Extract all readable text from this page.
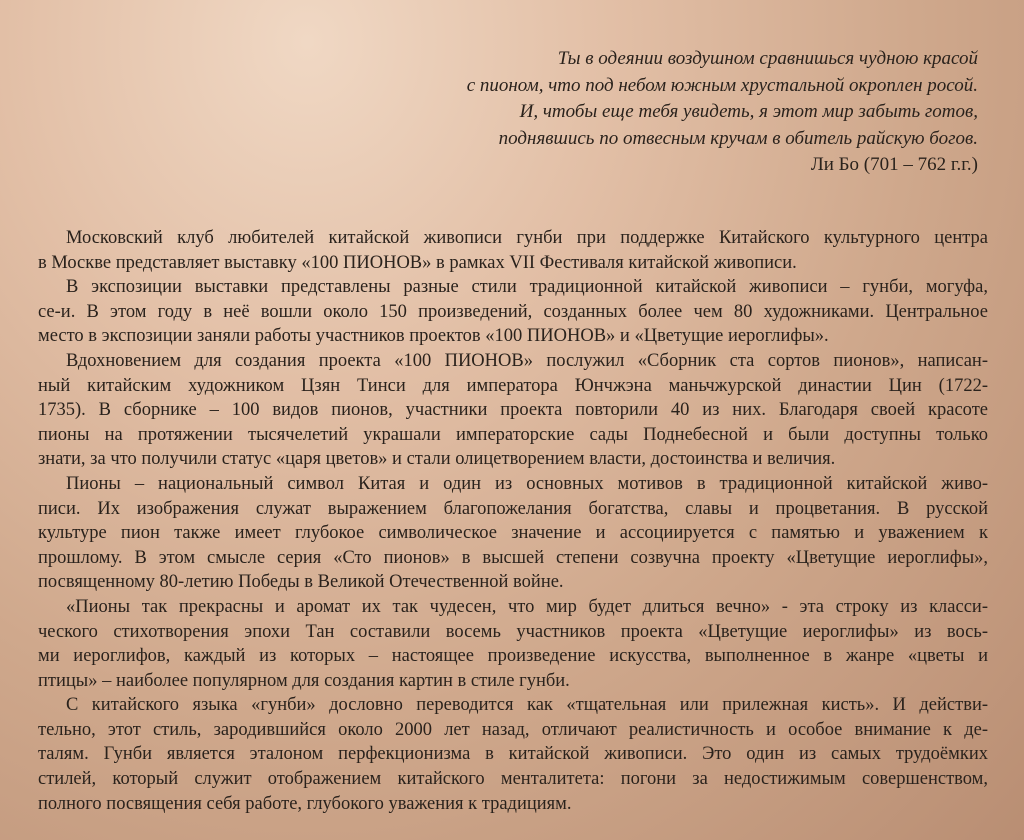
Ты в одеянии воздушном сравнишься чудною красой
с пионом, что под небом южным хрустальной окроплен росой.
И, чтобы еще тебя увидеть, я этот мир забыть готов,
поднявшись по отвесным кручам в обитель райскую богов.
Ли Бо (701 – 762 г.г.)
Московский клуб любителей китайской живописи гунби при поддержке Китайского культурного центра
в Москве представляет выставку «100 ПИОНОВ» в рамках VII Фестиваля китайской живописи.
В экспозиции выставки представлены разные стили традиционной китайской живописи – гунби, могуфа,
се-и. В этом году в неё вошли около 150 произведений, созданных более чем 80 художниками. Центральное
место в экспозиции заняли работы участников проектов «100 ПИОНОВ» и «Цветущие иероглифы».
Вдохновением для создания проекта «100 ПИОНОВ» послужил «Сборник ста сортов пионов», написан-
ный китайским художником Цзян Тинси для императора Юнчжэна маньчжурской династии Цин (1722-
1735). В сборнике – 100 видов пионов, участники проекта повторили 40 из них. Благодаря своей красоте
пионы на протяжении тысячелетий украшали императорские сады Поднебесной и были доступны только
знати, за что получили статус «царя цветов» и стали олицетворением власти, достоинства и величия.
Пионы – национальный символ Китая и один из основных мотивов в традиционной китайской живо-
писи. Их изображения служат выражением благопожелания богатства, славы и процветания. В русской
культуре пион также имеет глубокое символическое значение и ассоциируется с памятью и уважением к
прошлому. В этом смысле серия «Сто пионов» в высшей степени созвучна проекту «Цветущие иероглифы»,
посвященному 80-летию Победы в Великой Отечественной войне.
«Пионы так прекрасны и аромат их так чудесен, что мир будет длиться вечно» - эта строку из класси-
ческого стихотворения эпохи Тан составили восемь участников проекта «Цветущие иероглифы» из вось-
ми иероглифов, каждый из которых – настоящее произведение искусства, выполненное в жанре «цветы и
птицы» – наиболее популярном для создания картин в стиле гунби.
С китайского языка «гунби» дословно переводится как «тщательная или прилежная кисть». И действи-
тельно, этот стиль, зародившийся около 2000 лет назад, отличают реалистичность и особое внимание к де-
талям. Гунби является эталоном перфекционизма в китайской живописи. Это один из самых трудоёмких
стилей, который служит отображением китайского менталитета: погони за недостижимым совершенством,
полного посвящения себя работе, глубокого уважения к традициям.
